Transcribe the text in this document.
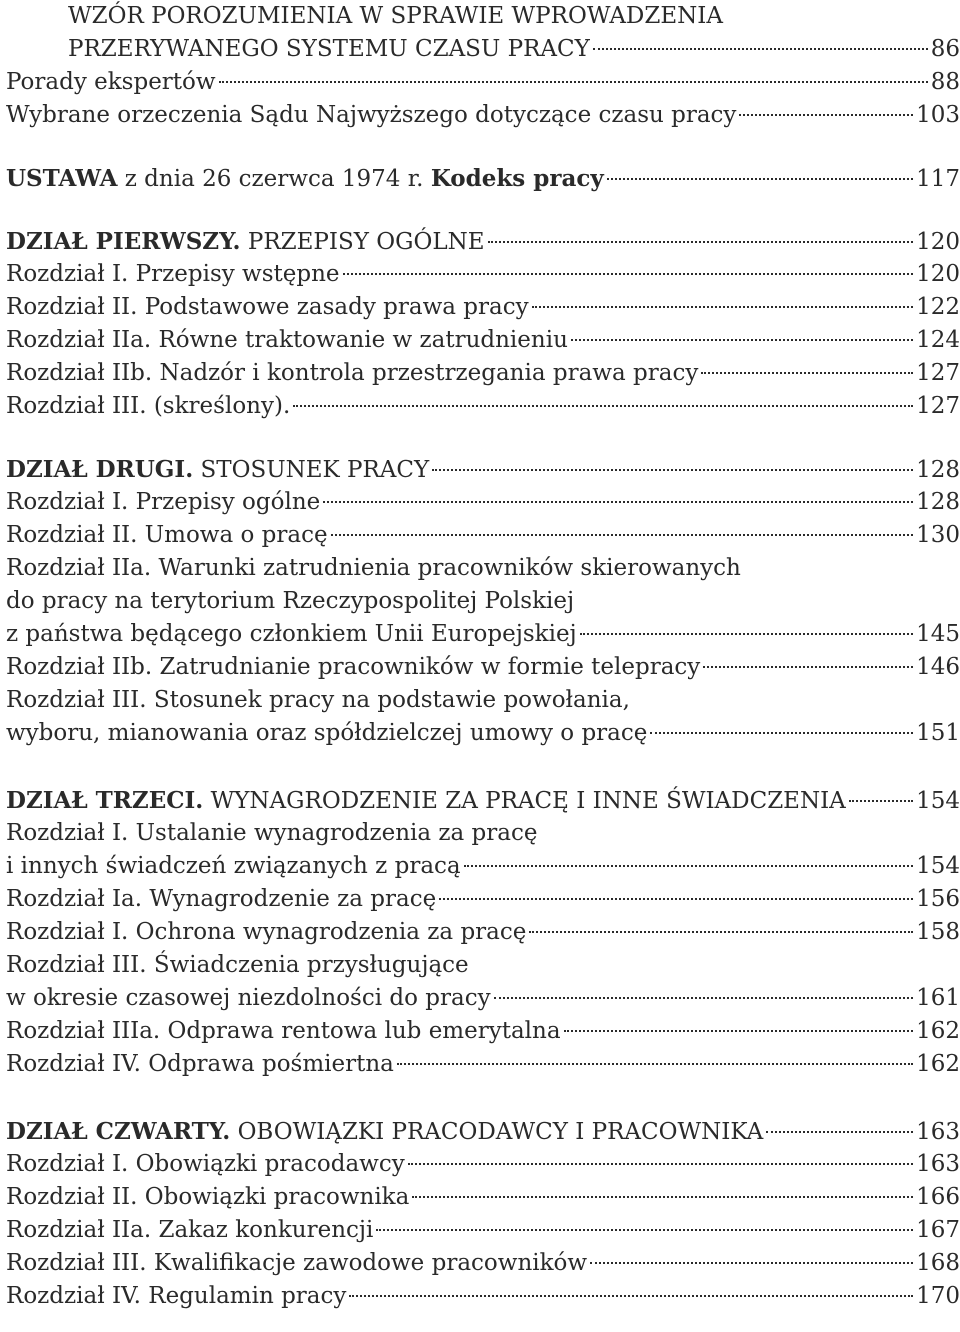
WZÓR POROZUMIENIA W SPRAWIE WPROWADZENIA
PRZERYWANEGO SYSTEMU CZASU PRACY	86
Porady ekspertów	88
Wybrane orzeczenia Sądu Najwyższego dotyczące czasu pracy	103
USTAWA z dnia 26 czerwca 1974 r. Kodeks pracy	117
DZIAŁ PIERWSZY. PRZEPISY OGÓLNE	120
Rozdział I. Przepisy wstępne	120
Rozdział II. Podstawowe zasady prawa pracy	122
Rozdział IIa. Równe traktowanie w zatrudnieniu	124
Rozdział IIb. Nadzór i kontrola przestrzegania prawa pracy	127
Rozdział III. (skreślony).	127
DZIAŁ DRUGI. STOSUNEK PRACY	128
Rozdział I. Przepisy ogólne	128
Rozdział II. Umowa o pracę	130
Rozdział IIa. Warunki zatrudnienia pracowników skierowanych
do pracy na terytorium Rzeczypospolitej Polskiej
z państwa będącego członkiem Unii Europejskiej	145
Rozdział IIb. Zatrudnianie pracowników w formie telepracy	146
Rozdział III. Stosunek pracy na podstawie powołania,
wyboru, mianowania oraz spółdzielczej umowy o pracę	151
DZIAŁ TRZECI. WYNAGRODZENIE ZA PRACĘ I INNE ŚWIADCZENIA	154
Rozdział I. Ustalanie wynagrodzenia za pracę
i innych świadczeń związanych z pracą	154
Rozdział Ia. Wynagrodzenie za pracę	156
Rozdział I. Ochrona wynagrodzenia za pracę	158
Rozdział III. Świadczenia przysługujące
w okresie czasowej niezdolności do pracy	161
Rozdział IIIa. Odprawa rentowa lub emerytalna	162
Rozdział IV. Odprawa pośmiertna	162
DZIAŁ CZWARTY. OBOWIĄZKI PRACODAWCY I PRACOWNIKA	163
Rozdział I. Obowiązki pracodawcy	163
Rozdział II. Obowiązki pracownika	166
Rozdział IIa. Zakaz konkurencji	167
Rozdział III. Kwalifikacje zawodowe pracowników	168
Rozdział IV. Regulamin pracy	170
